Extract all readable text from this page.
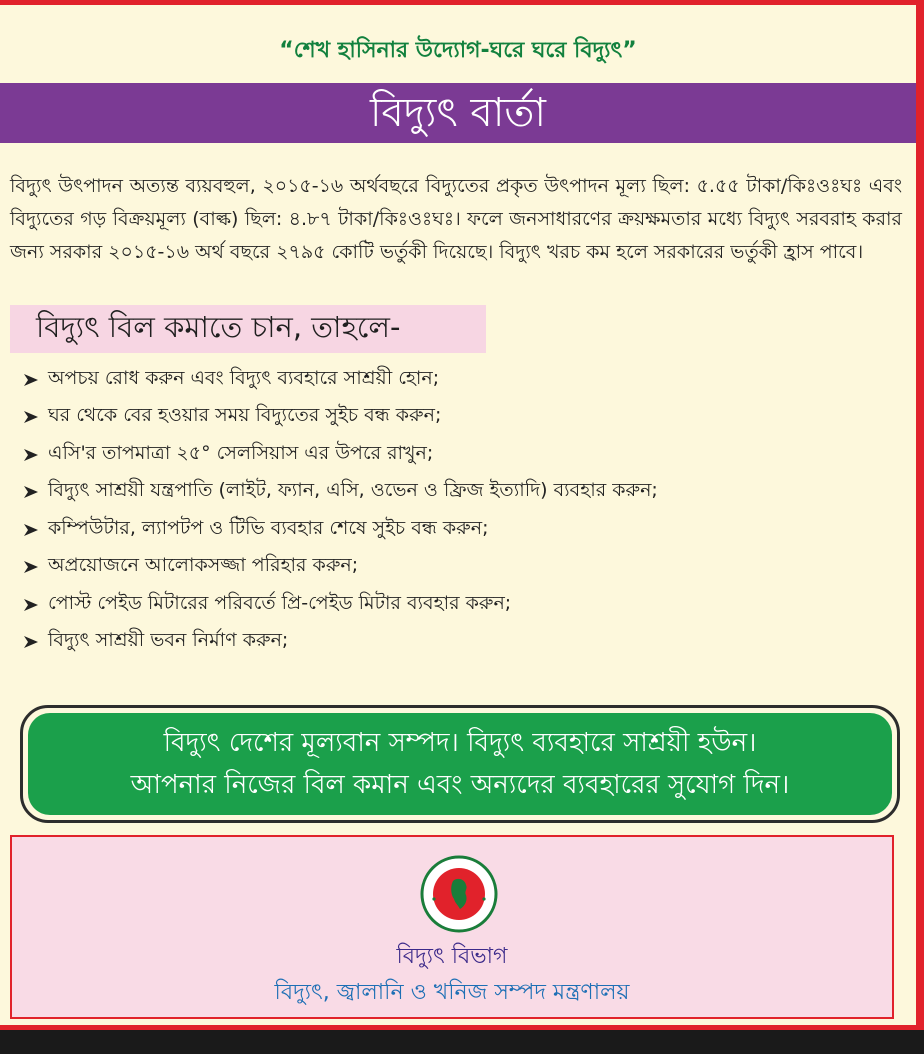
“শেখ হাসিনার উদ্যোগ-ঘরে ঘরে বিদ্যুৎ”
বিদ্যুৎ বার্তা

বিদ্যুৎ উৎপাদন অত্যন্ত ব্যয়বহুল, ২০১৫-১৬ অর্থবছরে বিদ্যুতের প্রকৃত উৎপাদন মূল্য ছিল: ৫.৫৫ টাকা/কিঃওঃঘঃ এবং বিদ্যুতের গড় বিক্রয়মূল্য (বাল্ক) ছিল: ৪.৮৭ টাকা/কিঃওঃঘঃ। ফলে জনসাধারণের ক্রয়ক্ষমতার মধ্যে বিদ্যুৎ সরবরাহ করার জন্য সরকার ২০১৫-১৬ অর্থ বছরে ২৭৯৫ কোটি ভর্তুকী দিয়েছে। বিদ্যুৎ খরচ কম হলে সরকারের ভর্তুকী হ্রাস পাবে।

বিদ্যুৎ বিল কমাতে চান, তাহলে-
অপচয় রোধ করুন এবং বিদ্যুৎ ব্যবহারে সাশ্রয়ী হোন;
ঘর থেকে বের হওয়ার সময় বিদ্যুতের সুইচ বন্ধ করুন;
এসি'র তাপমাত্রা ২৫° সেলসিয়াস এর উপরে রাখুন;
বিদ্যুৎ সাশ্রয়ী যন্ত্রপাতি (লাইট, ফ্যান, এসি, ওভেন ও ফ্রিজ ইত্যাদি) ব্যবহার করুন;
কম্পিউটার, ল্যাপটপ ও টিভি ব্যবহার শেষে সুইচ বন্ধ করুন;
অপ্রয়োজনে আলোকসজ্জা পরিহার করুন;
পোস্ট পেইড মিটারের পরিবর্তে প্রি-পেইড মিটার ব্যবহার করুন;
বিদ্যুৎ সাশ্রয়ী ভবন নির্মাণ করুন;
বিদ্যুৎ দেশের মূল্যবান সম্পদ। বিদ্যুৎ ব্যবহারে সাশ্রয়ী হউন।
আপনার নিজের বিল কমান এবং অন্যদের ব্যবহারের সুযোগ দিন।
বিদ্যুৎ বিভাগ
বিদ্যুৎ, জ্বালানি ও খনিজ সম্পদ মন্ত্রণালয়
